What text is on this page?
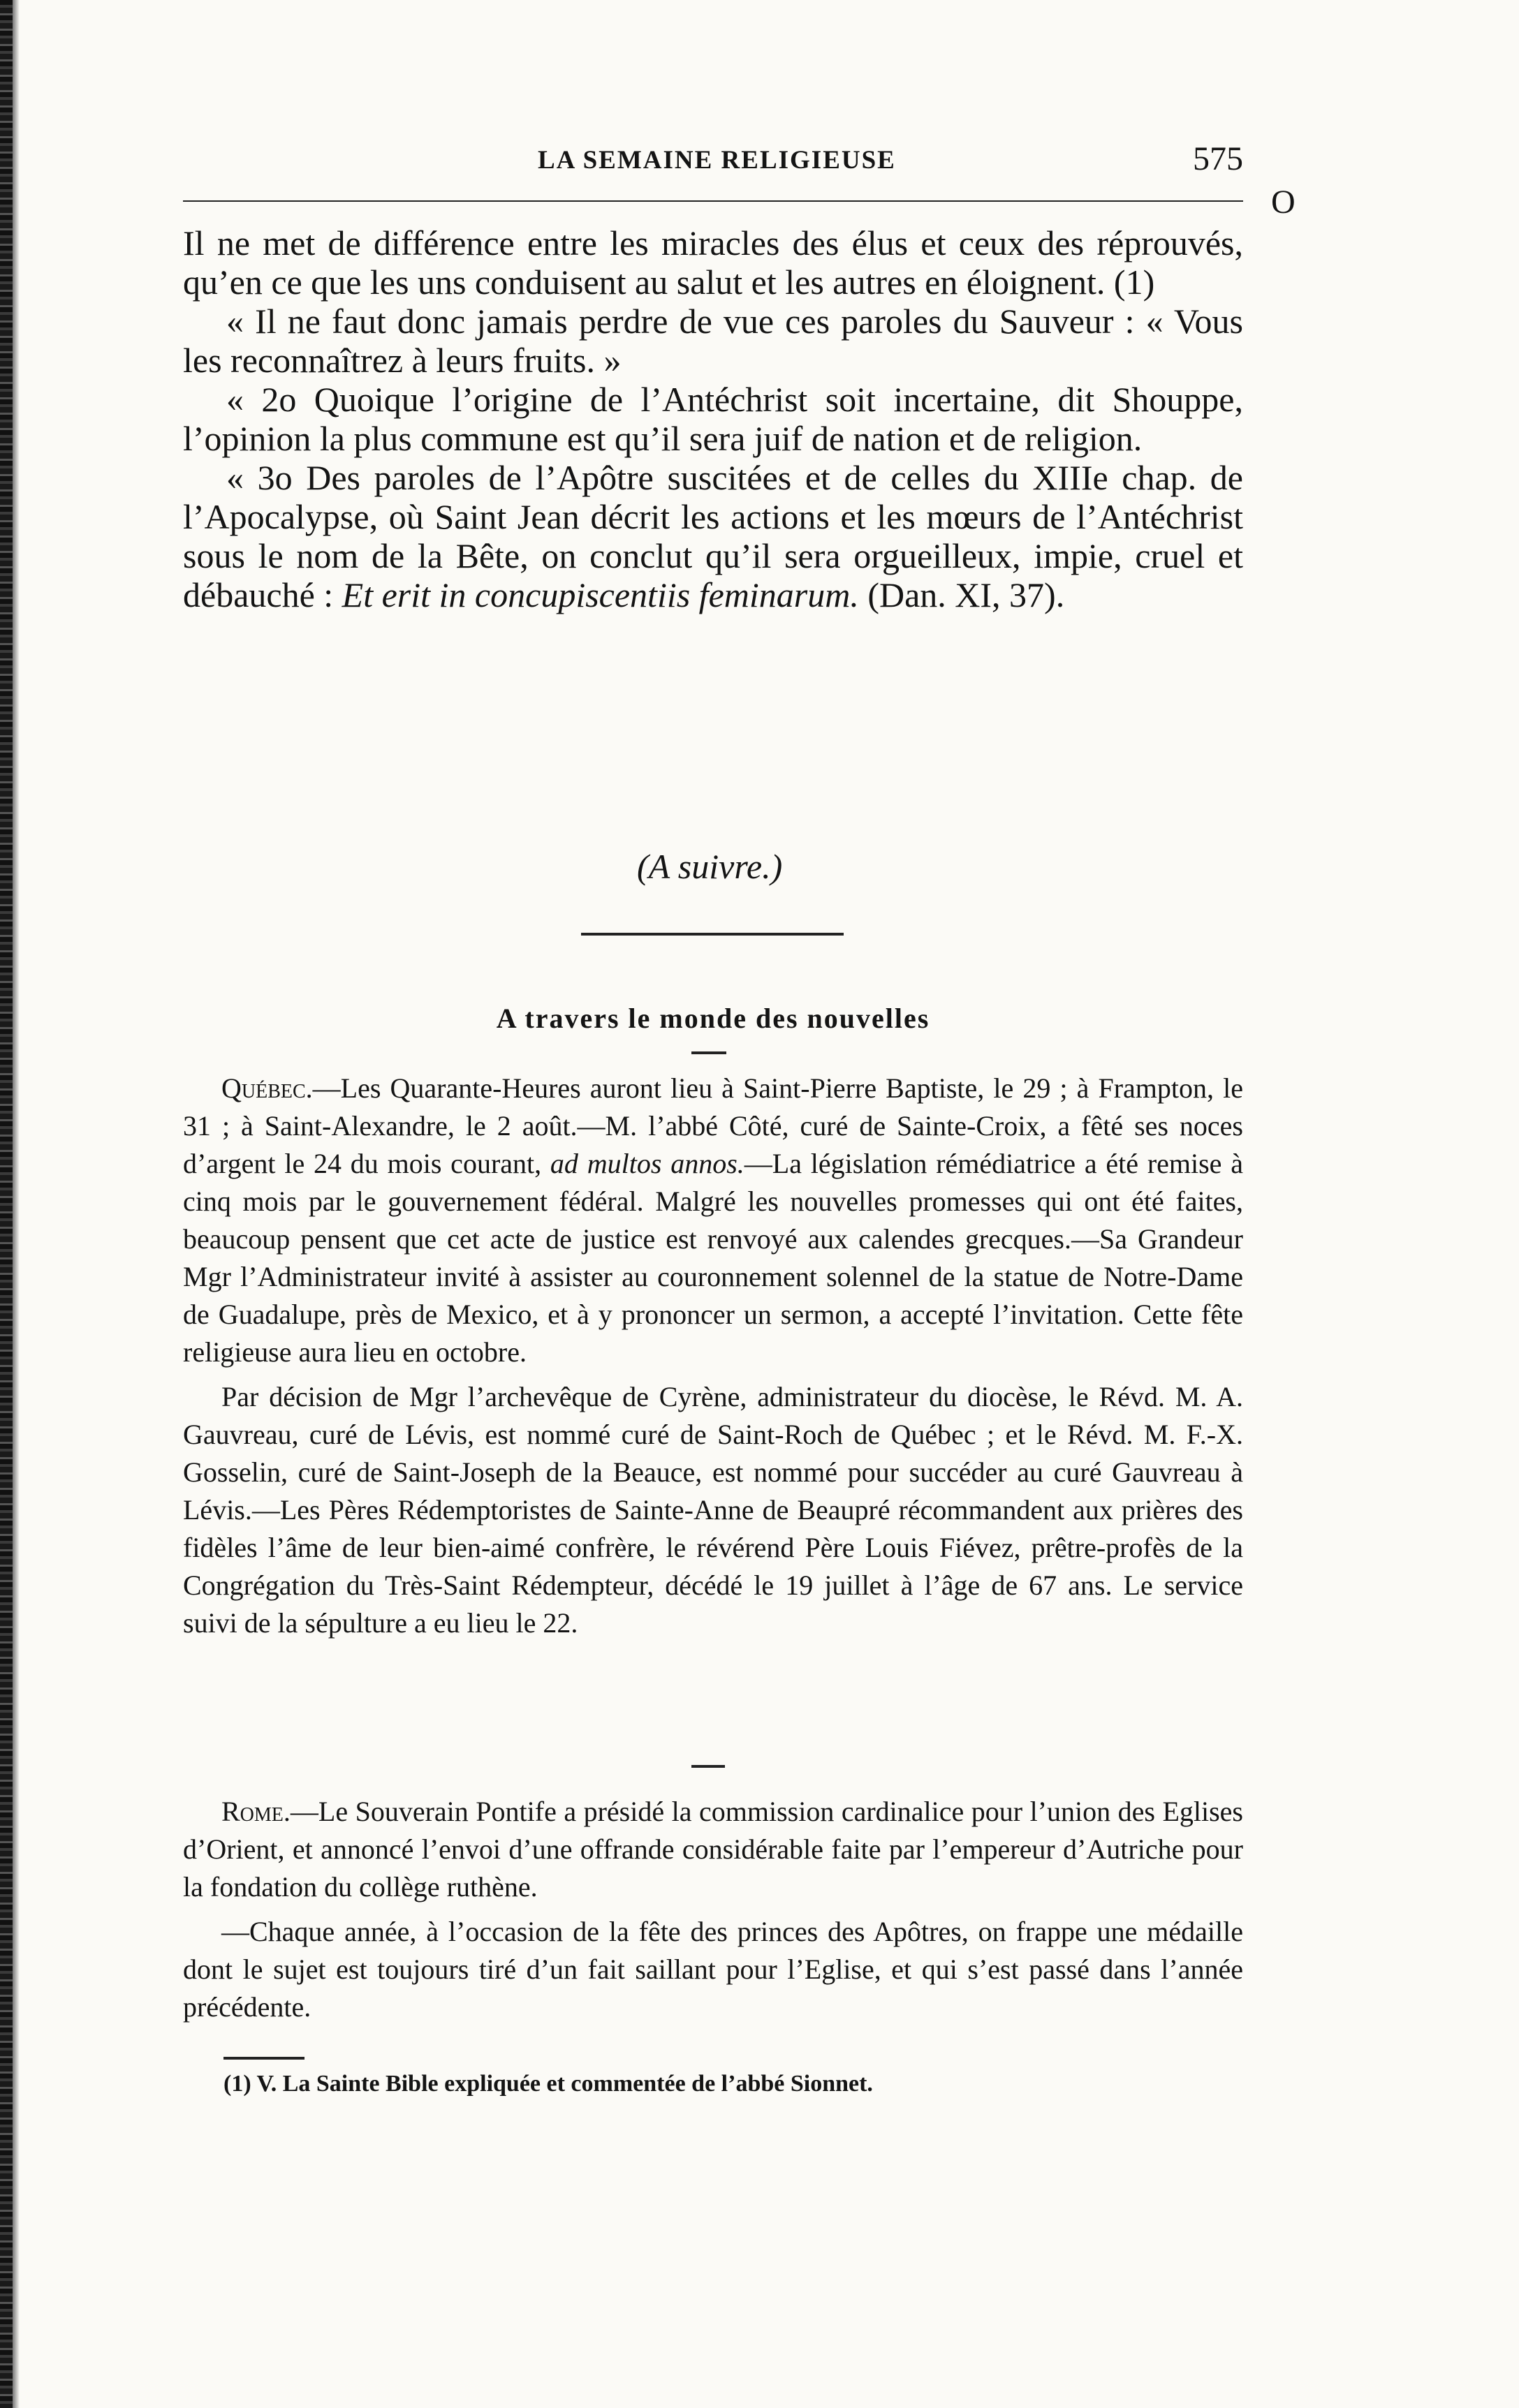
LA SEMAINE RELIGIEUSE	575
O

Il ne met de différence entre les miracles des élus et ceux des réprouvés, qu’en ce que les uns conduisent au salut et les autres en éloignent. (1)

« Il ne faut donc jamais perdre de vue ces paroles du Sauveur : « Vous les reconnaîtrez à leurs fruits. »

« 2o Quoique l’origine de l’Antéchrist soit incertaine, dit Shouppe, l’opinion la plus commune est qu’il sera juif de nation et de religion.

« 3o Des paroles de l’Apôtre suscitées et de celles du XIIIe chap. de l’Apocalypse, où Saint Jean décrit les actions et les mœurs de l’Antéchrist sous le nom de la Bête, on conclut qu’il sera orgueilleux, impie, cruel et débauché : Et erit in concupiscentiis feminarum. (Dan. XI, 37).

(A suivre.)
A travers le monde des nouvelles

Québec.—Les Quarante-Heures auront lieu à Saint-Pierre Baptiste, le 29 ; à Frampton, le 31 ; à Saint-Alexandre, le 2 août.—M. l’abbé Côté, curé de Sainte-Croix, a fêté ses noces d’argent le 24 du mois courant, ad multos annos.—La législation rémédiatrice a été remise à cinq mois par le gouvernement fédéral. Malgré les nouvelles promesses qui ont été faites, beaucoup pensent que cet acte de justice est renvoyé aux calendes grecques.—Sa Grandeur Mgr l’Administrateur invité à assister au couronnement solennel de la statue de Notre-Dame de Guadalupe, près de Mexico, et à y prononcer un sermon, a accepté l’invitation. Cette fête religieuse aura lieu en octobre.

Par décision de Mgr l’archevêque de Cyrène, administrateur du diocèse, le Révd. M. A. Gauvreau, curé de Lévis, est nommé curé de Saint-Roch de Québec ; et le Révd. M. F.-X. Gosselin, curé de Saint-Joseph de la Beauce, est nommé pour succéder au curé Gauvreau à Lévis.—Les Pères Rédemptoristes de Sainte-Anne de Beaupré récommandent aux prières des fidèles l’âme de leur bien-aimé confrère, le révérend Père Louis Fiévez, prêtre-profès de la Congrégation du Très-Saint Rédempteur, décédé le 19 juillet à l’âge de 67 ans. Le service suivi de la sépulture a eu lieu le 22.

Rome.—Le Souverain Pontife a présidé la commission cardinalice pour l’union des Eglises d’Orient, et annoncé l’envoi d’une offrande considérable faite par l’empereur d’Autriche pour la fondation du collège ruthène.

—Chaque année, à l’occasion de la fête des princes des Apôtres, on frappe une médaille dont le sujet est toujours tiré d’un fait saillant pour l’Eglise, et qui s’est passé dans l’année précédente.

(1) V. La Sainte Bible expliquée et commentée de l’abbé Sionnet.
